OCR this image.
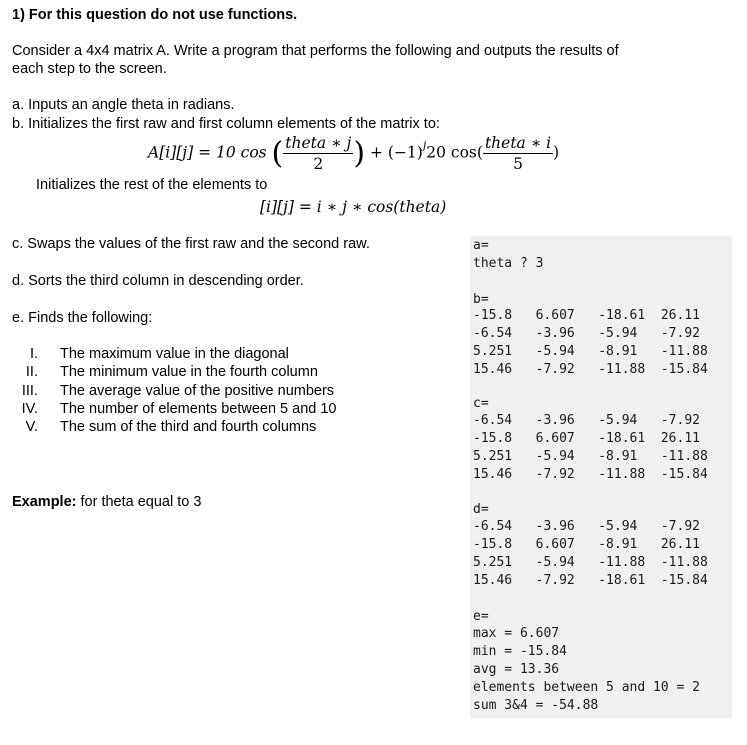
1) For this question do not use functions.
Consider a 4x4 matrix A. Write a program that performs the following and outputs the results of
each step to the screen.
a. Inputs an angle theta in radians.
b. Initializes the first raw and first column elements of the matrix to:
A[i][j] = 10 cos ( $\frac{\text{theta ∗ j}}{2}$ ) + $(-1)^j20$ $\cos( \frac{\text{theta ∗ i}}{5}$ )
Initializes the rest of the elements to
[i][j] = i ∗ j ∗ cos(theta)
c. Swaps the values of the first raw and the second raw.
d. Sorts the third column in descending order.
e. Finds the following:
I. The maximum value in the diagonal
II. The minimum value in the fourth column
III. The average value of the positive numbers
IV. The number of elements between 5 and 10
V. The sum of the third and fourth columns
Example: for theta equal to 3
a=
theta ? 3
b=
-15.8   6.607   -18.61  26.11
-6.54   -3.96   -5.94   -7.92
5.251   -5.94   -8.91   -11.88
15.46   -7.92   -11.88  -15.84
c=
-6.54   -3.96   -5.94   -7.92
-15.8   6.607   -18.61  26.11
5.251   -5.94   -8.91   -11.88
15.46   -7.92   -11.88  -15.84
d=
-6.54   -3.96   -5.94   -7.92
-15.8   6.607   -8.91   26.11
5.251   -5.94   -11.88  -11.88
15.46   -7.92   -18.61  -15.84
e=
max = 6.607
min = -15.84
avg = 13.36
elements between 5 and 10 = 2
sum 3&4 = -54.88
